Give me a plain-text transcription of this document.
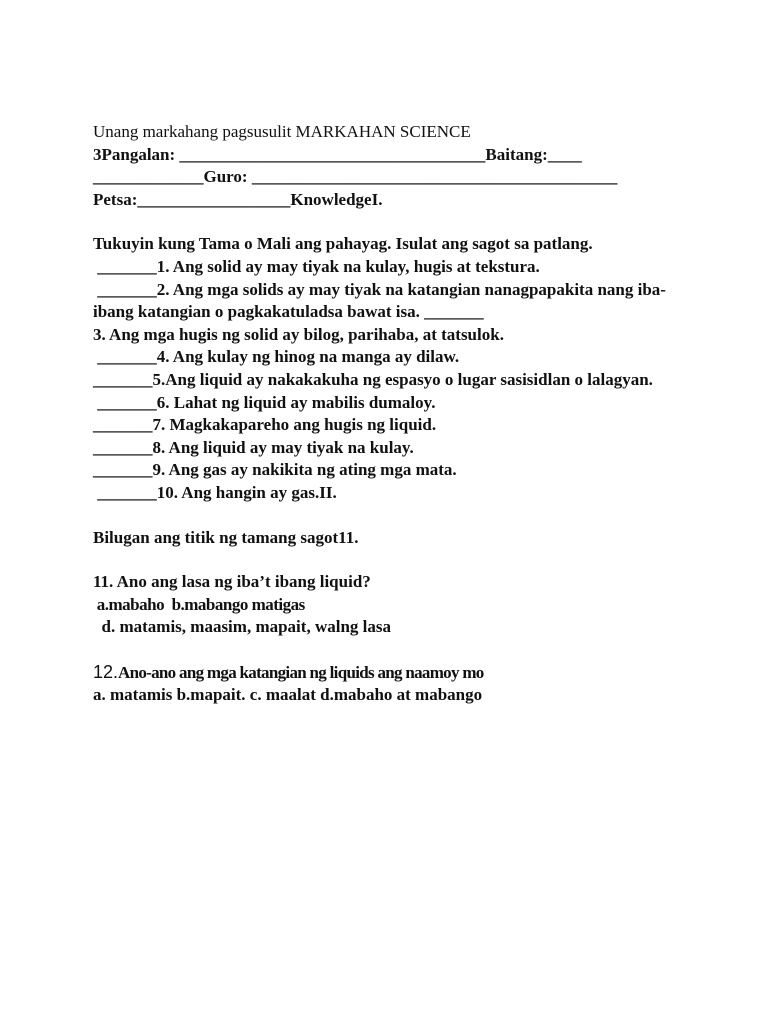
Unang markahang pagsusulit MARKAHAN SCIENCE

3Pangalan: ____________________________________Baitang:____

_____________Guro: ___________________________________________

Petsa:__________________KnowledgeI.

Tukuyin kung Tama o Mali ang pahayag. Isulat ang sagot sa patlang.

_______1. Ang solid ay may tiyak na kulay, hugis at tekstura.

_______2. Ang mga solids ay may tiyak na katangian nanagpapakita nang iba-ibang katangian o pagkakatuladsa bawat isa. _______

3. Ang mga hugis ng solid ay bilog, parihaba, at tatsulok.

_______4. Ang kulay ng hinog na manga ay dilaw.

_______5.Ang liquid ay nakakakuha ng espasyo o lugar sasisidlan o lalagyan.

_______6. Lahat ng liquid ay mabilis dumaloy.

_______7. Magkakapareho ang hugis ng liquid.

_______8. Ang liquid ay may tiyak na kulay.

_______9. Ang gas ay nakikita ng ating mga mata.

_______10. Ang hangin ay gas.II.

Bilugan ang titik ng tamang sagot11.

11. Ano ang lasa ng iba’t ibang liquid?

a.mabaho  b.mabango matigas

d. matamis, maasim, mapait, walng lasa

12.Ano-ano ang mga katangian ng liquids ang naamoy mo

a. matamis b.mapait. c. maalat d.mabaho at mabango
